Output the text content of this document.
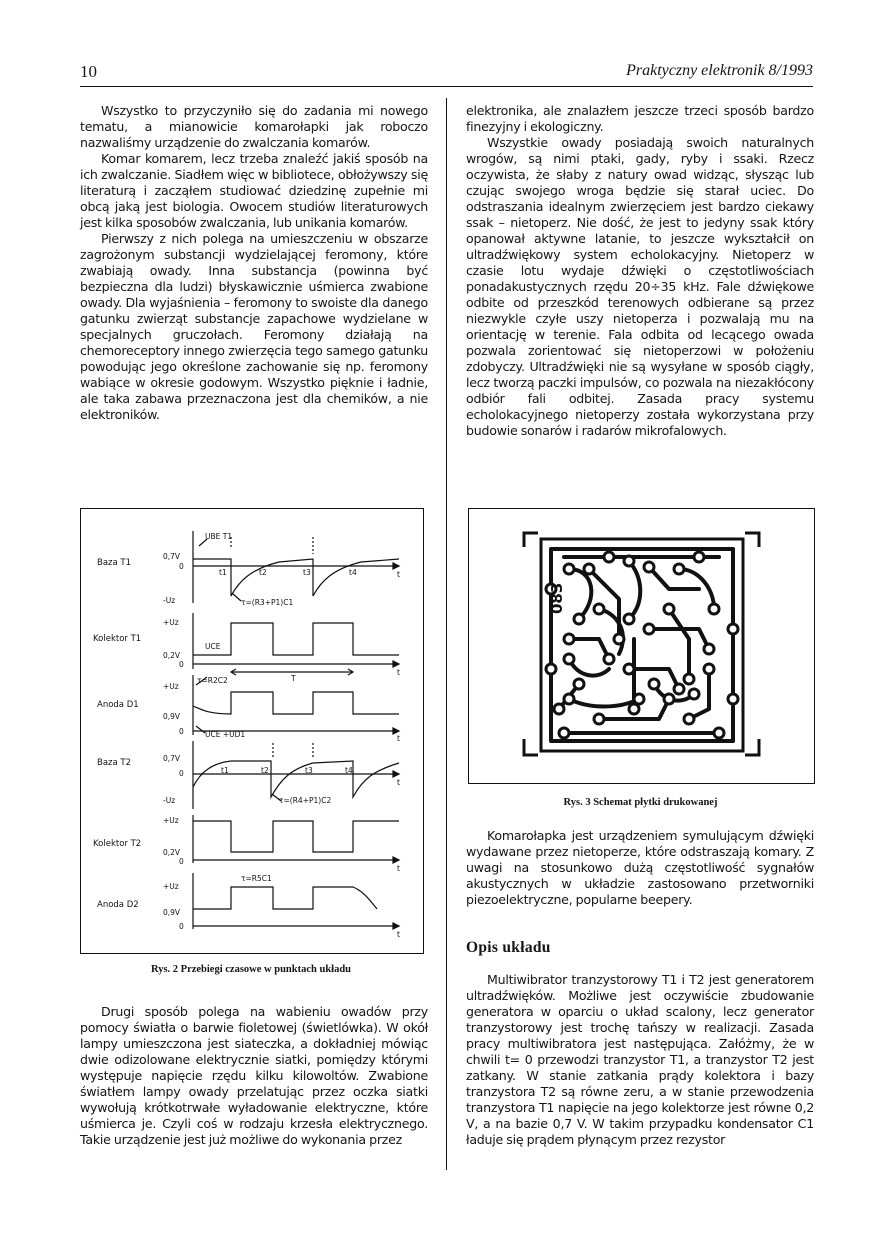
10	Praktyczny elektronik 8/1993

Wszystko to przyczyniło się do zadania mi nowego tematu, a mianowicie komarołapki jak roboczo nazwaliśmy urządzenie do zwalczania komarów.

Komar komarem, lecz trzeba znaleźć jakiś sposób na ich zwalczanie. Siadłem więc w bibliotece, obłożywszy się literaturą i zacząłem studiować dziedzinę zupełnie mi obcą jaką jest biologia. Owocem studiów literaturowych jest kilka sposobów zwalczania, lub unikania komarów.

Pierwszy z nich polega na umieszczeniu w obszarze zagrożonym substancji wydzielającej feromony, które zwabiają owady. Inna substancja (powinna być bezpieczna dla ludzi) błyskawicznie uśmierca zwabione owady. Dla wyjaśnienia – feromony to swoiste dla danego gatunku zwierząt substancje zapachowe wydzielane w specjalnych gruczołach. Feromony działają na chemoreceptory innego zwierzęcia tego samego gatunku powodując jego określone zachowanie się np. feromony wabiące w okresie godowym. Wszystko pięknie i ładnie, ale taka zabawa przeznaczona jest dla chemików, a nie elektroników.

Baza T1
Kolektor T1
Anoda D1
Baza T2
Kolektor T2
Anoda D2
0,7V
0
-Uz
+Uz
0,2V
0
+Uz
0,9V
0
0,7V
0
-Uz
+Uz
0,2V
0
+Uz
0,9V
0
UBE T1
τ=(R3+P1)C1
UCE
T
τ=R2C2
UCE +UD1
τ=(R4+P1)C2
τ=R5C1
t1	t2	t3	t4
t1	t2	t3	t4
t
t
t
t
t
t
Rys. 2 Przebiegi czasowe w punktach układu

Drugi sposób polega na wabieniu owadów przy pomocy światła o barwie fioletowej (świetlówka). W okół lampy umieszczona jest siateczka, a dokładniej mówiąc dwie odizolowane elektrycznie siatki, pomiędzy którymi występuje napięcie rzędu kilku kilowoltów. Zwabione światłem lampy owady przelatując przez oczka siatki wywołują krótkotrwałe wyładowanie elektryczne, które uśmierca je. Czyli coś w rodzaju krzesła elektrycznego. Takie urządzenie jest już możliwe do wykonania przez

elektronika, ale znalazłem jeszcze trzeci sposób bardzo finezyjny i ekologiczny.

Wszystkie owady posiadają swoich naturalnych wrogów, są nimi ptaki, gady, ryby i ssaki. Rzecz oczywista, że słaby z natury owad widząc, słysząc lub czując swojego wroga będzie się starał uciec. Do odstraszania idealnym zwierzęciem jest bardzo ciekawy ssak – nietoperz. Nie dość, że jest to jedyny ssak który opanował aktywne latanie, to jeszcze wykształcił on ultradźwiękowy system echolokacyjny. Nietoperz w czasie lotu wydaje dźwięki o częstotliwościach ponadakustycznych rzędu 20÷35 kHz. Fale dźwiękowe odbite od przeszkód terenowych odbierane są przez niezwykle czyłe uszy nietoperza i pozwalają mu na orientację w terenie. Fala odbita od lecącego owada pozwala zorientować się nietoperzowi w położeniu zdobyczy. Ultradźwięki nie są wysyłane w sposób ciągły, lecz tworzą paczki impulsów, co pozwala na niezakłócony odbiór fali odbitej. Zasada pracy systemu echolokacyjnego nietoperzy została wykorzystana przy budowie sonarów i radarów mikrofalowych.

083
Rys. 3 Schemat płytki drukowanej

Komarołapka jest urządzeniem symulującym dźwięki wydawane przez nietoperze, które odstraszają komary. Z uwagi na stosunkowo dużą częstotliwość sygnałów akustycznych w układzie zastosowano przetworniki piezoelektryczne, popularne beepery.

Opis układu

Multiwibrator tranzystorowy T1 i T2 jest generatorem ultradźwięków. Możliwe jest oczywiście zbudowanie generatora w oparciu o układ scalony, lecz generator tranzystorowy jest trochę tańszy w realizacji. Zasada pracy multiwibratora jest następująca. Załóżmy, że w chwili t= 0 przewodzi tranzystor T1, a tranzystor T2 jest zatkany. W stanie zatkania prądy kolektora i bazy tranzystora T2 są równe zeru, a w stanie przewodzenia tranzystora T1 napięcie na jego kolektorze jest równe 0,2 V, a na bazie 0,7 V. W takim przypadku kondensator C1 ładuje się prądem płynącym przez rezystor
